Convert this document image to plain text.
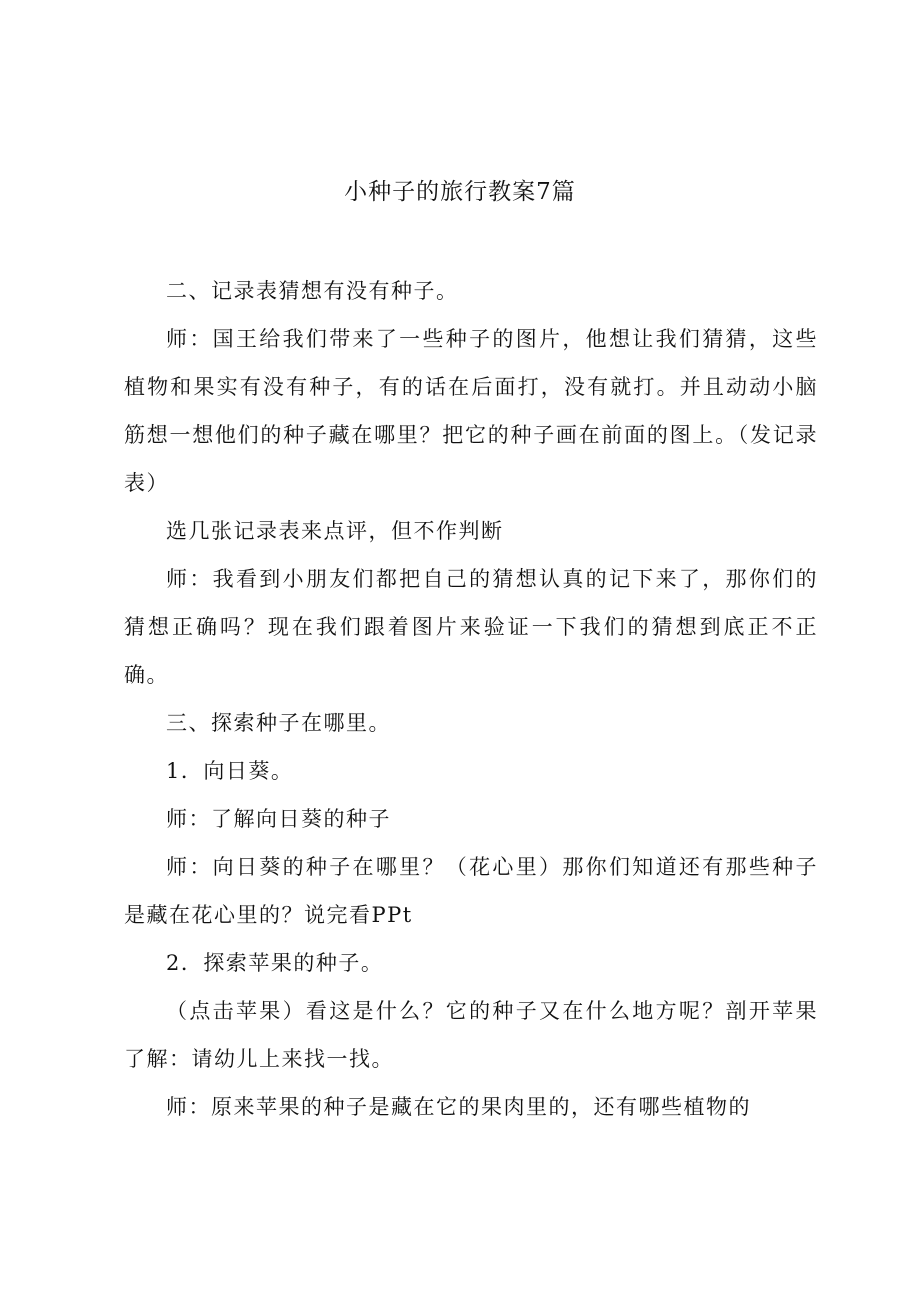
小种子的旅行教案7篇

二、记录表猜想有没有种子。

师：国王给我们带来了一些种子的图片，他想让我们猜猜，这些植物和果实有没有种子，有的话在后面打，没有就打。并且动动小脑筋想一想他们的种子藏在哪里？把它的种子画在前面的图上。（发记录表）

选几张记录表来点评，但不作判断

师：我看到小朋友们都把自己的猜想认真的记下来了，那你们的猜想正确吗？现在我们跟着图片来验证一下我们的猜想到底正不正确。

三、探索种子在哪里。

1．向日葵。

师：了解向日葵的种子

师：向日葵的种子在哪里？（花心里）那你们知道还有那些种子是藏在花心里的？说完看PPt

2．探索苹果的种子。

（点击苹果）看这是什么？它的种子又在什么地方呢？剖开苹果了解：请幼儿上来找一找。

师：原来苹果的种子是藏在它的果肉里的，还有哪些植物的
